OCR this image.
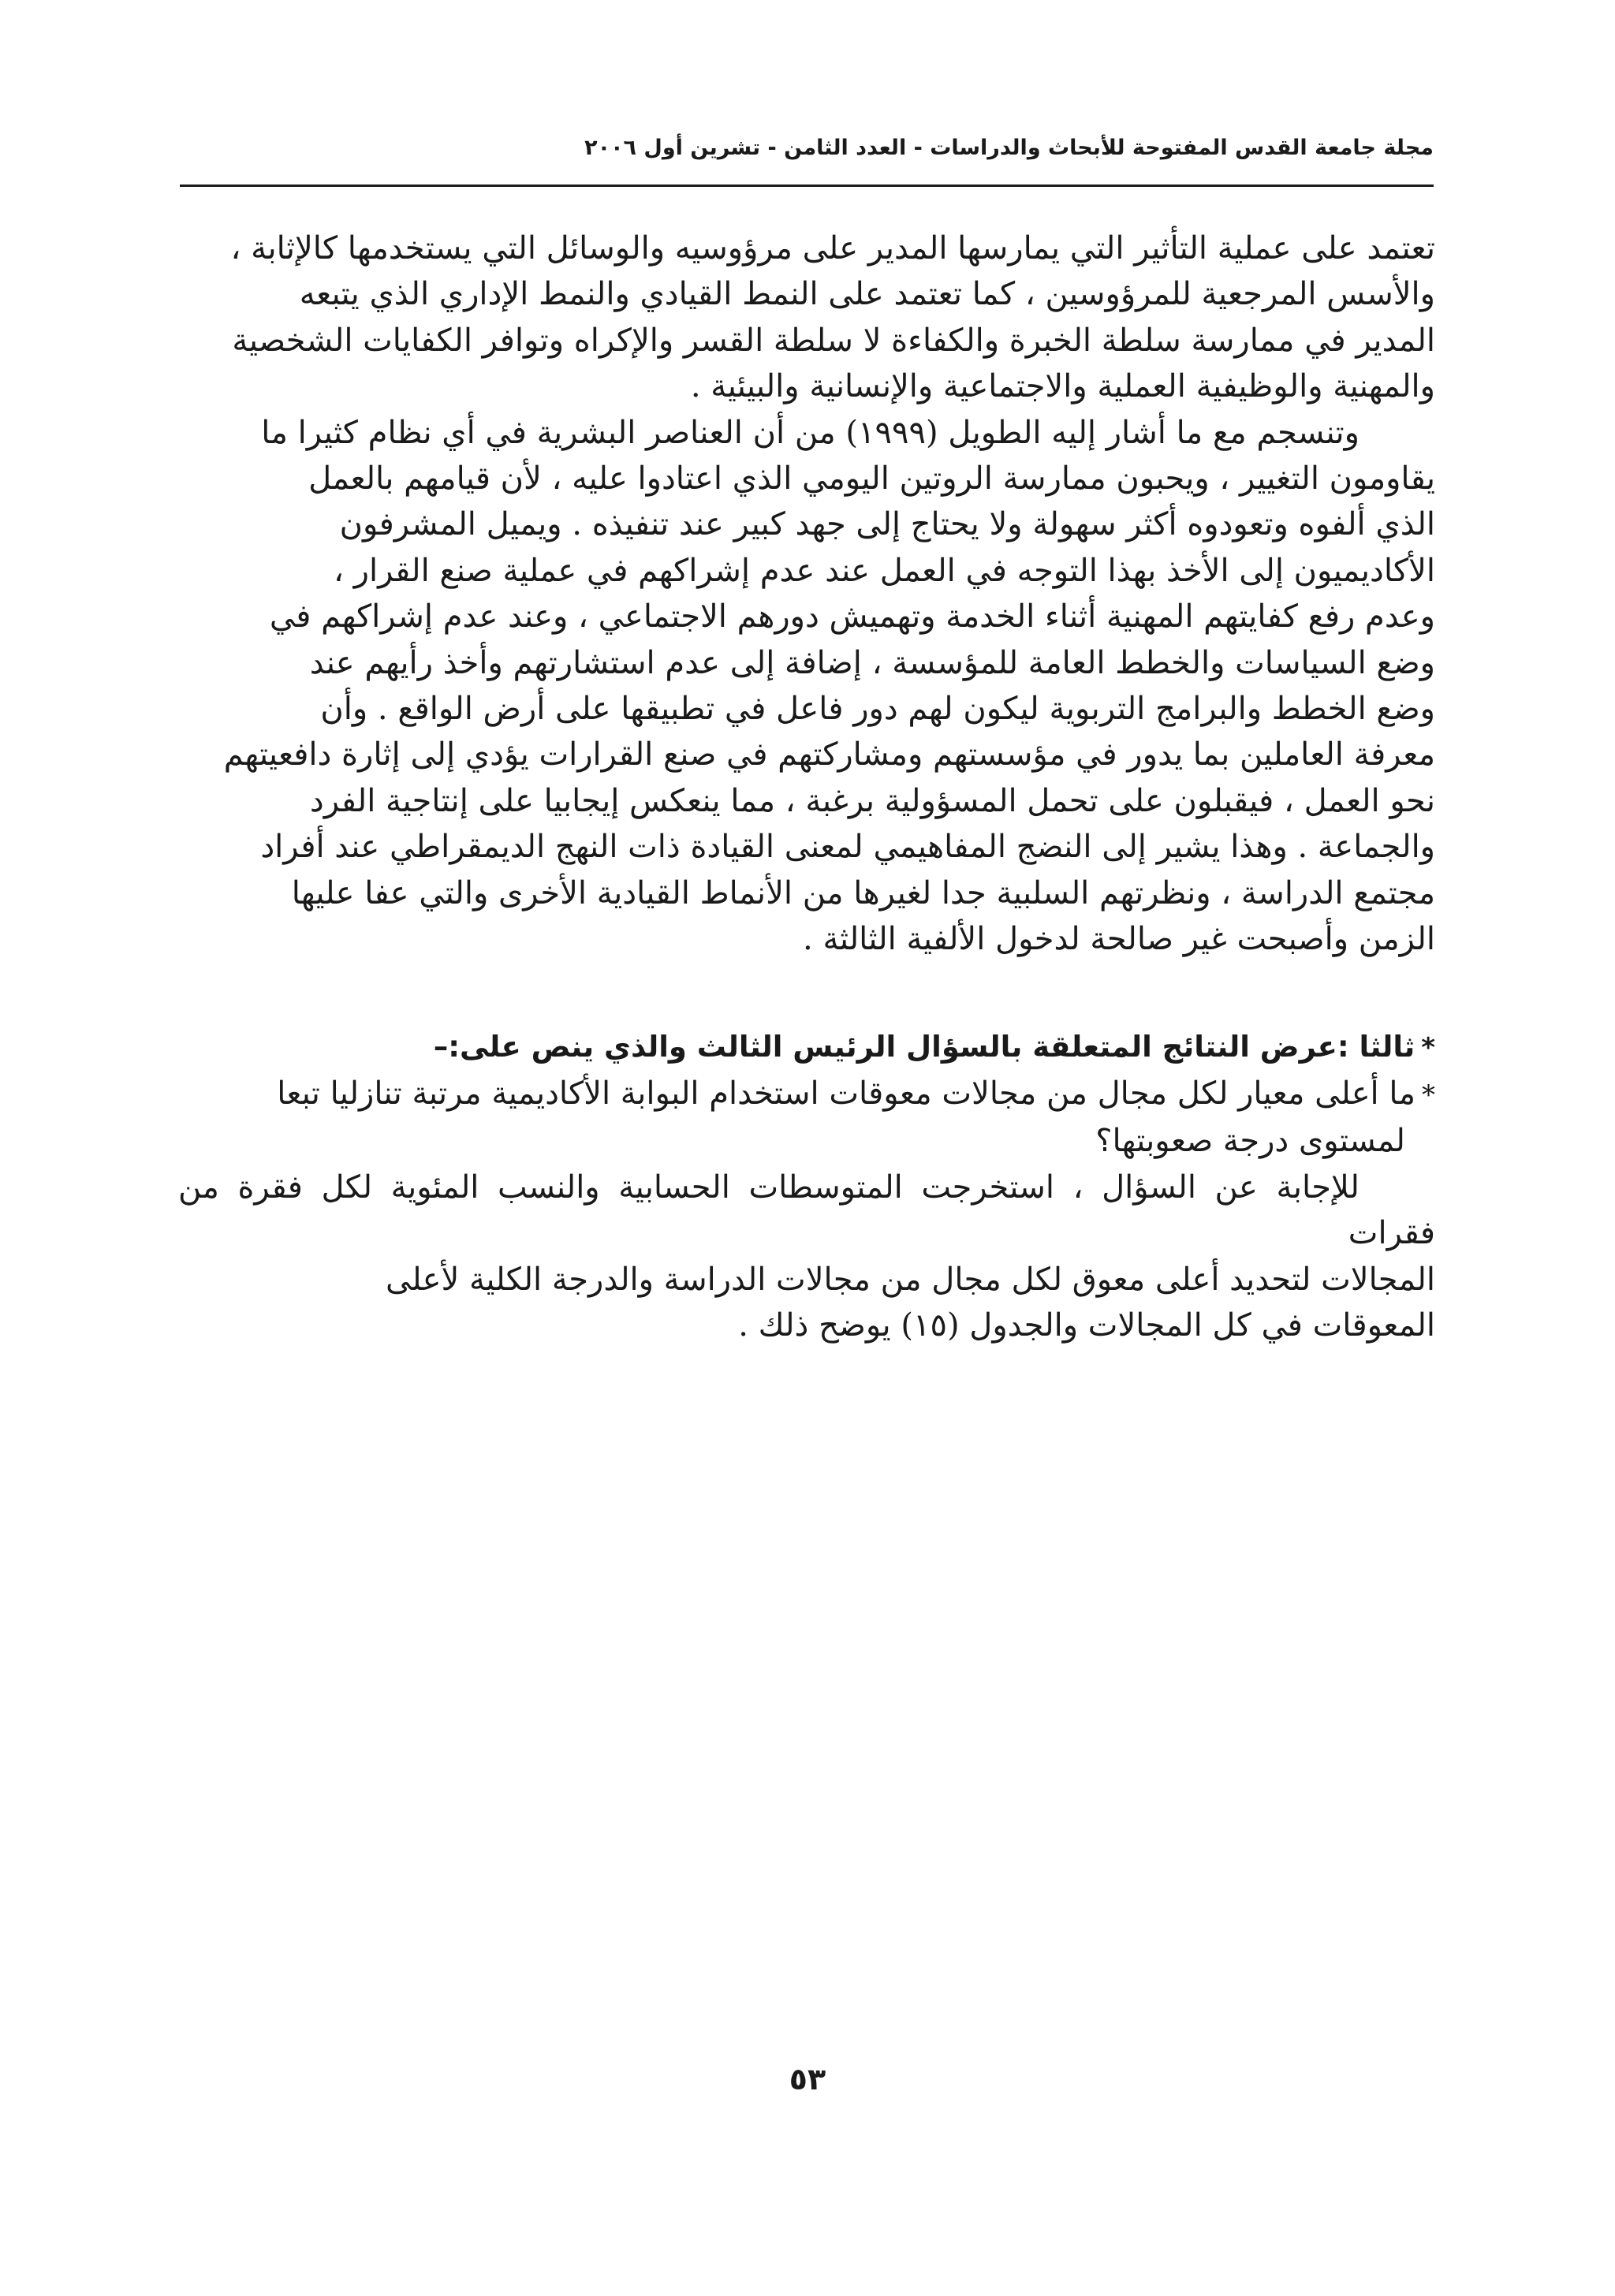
مجلة جامعة القدس المفتوحة للأبحاث والدراسات - العدد الثامن - تشرين أول ٢٠٠٦

تعتمد على عملية التأثير التي يمارسها المدير على مرؤوسيه والوسائل التي يستخدمها كالإثابة ،
والأسس المرجعية للمرؤوسين ، كما تعتمد على النمط القيادي والنمط الإداري الذي يتبعه
المدير في ممارسة سلطة الخبرة والكفاءة لا سلطة القسر والإكراه وتوافر الكفايات الشخصية
والمهنية والوظيفية العملية والاجتماعية والإنسانية والبيئية .

وتنسجم مع ما أشار إليه الطويل (١٩٩٩) من أن العناصر البشرية في أي نظام كثيرا ما
يقاومون التغيير ، ويحبون ممارسة الروتين اليومي الذي اعتادوا عليه ، لأن قيامهم بالعمل
الذي ألفوه وتعودوه أكثر سهولة ولا يحتاج إلى جهد كبير عند تنفيذه . ويميل المشرفون
الأكاديميون إلى الأخذ بهذا التوجه في العمل عند عدم إشراكهم في عملية صنع القرار ،
وعدم رفع كفايتهم المهنية أثناء الخدمة وتهميش دورهم الاجتماعي ، وعند عدم إشراكهم في
وضع السياسات والخطط العامة للمؤسسة ، إضافة إلى عدم استشارتهم وأخذ رأيهم عند
وضع الخطط والبرامج التربوية ليكون لهم دور فاعل في تطبيقها على أرض الواقع . وأن
معرفة العاملين بما يدور في مؤسستهم ومشاركتهم في صنع القرارات يؤدي إلى إثارة دافعيتهم
نحو العمل ، فيقبلون على تحمل المسؤولية برغبة ، مما ينعكس إيجابيا على إنتاجية الفرد
والجماعة . وهذا يشير إلى النضج المفاهيمي لمعنى القيادة ذات النهج الديمقراطي عند أفراد
مجتمع الدراسة ، ونظرتهم السلبية جدا لغيرها من الأنماط القيادية الأخرى والتي عفا عليها
الزمن وأصبحت غير صالحة لدخول الألفية الثالثة .

*ثالثا :عرض النتائج المتعلقة بالسؤال الرئيس الثالث والذي ينص على:–

*ما أعلى معيار لكل مجال من مجالات معوقات استخدام البوابة الأكاديمية مرتبة تنازليا تبعا
لمستوى درجة صعوبتها؟

للإجابة عن السؤال ، استخرجت المتوسطات الحسابية والنسب المئوية لكل فقرة من فقرات
المجالات لتحديد أعلى معوق لكل مجال من مجالات الدراسة والدرجة الكلية لأعلى
المعوقات في كل المجالات والجدول (١٥) يوضح ذلك .

٥٣
